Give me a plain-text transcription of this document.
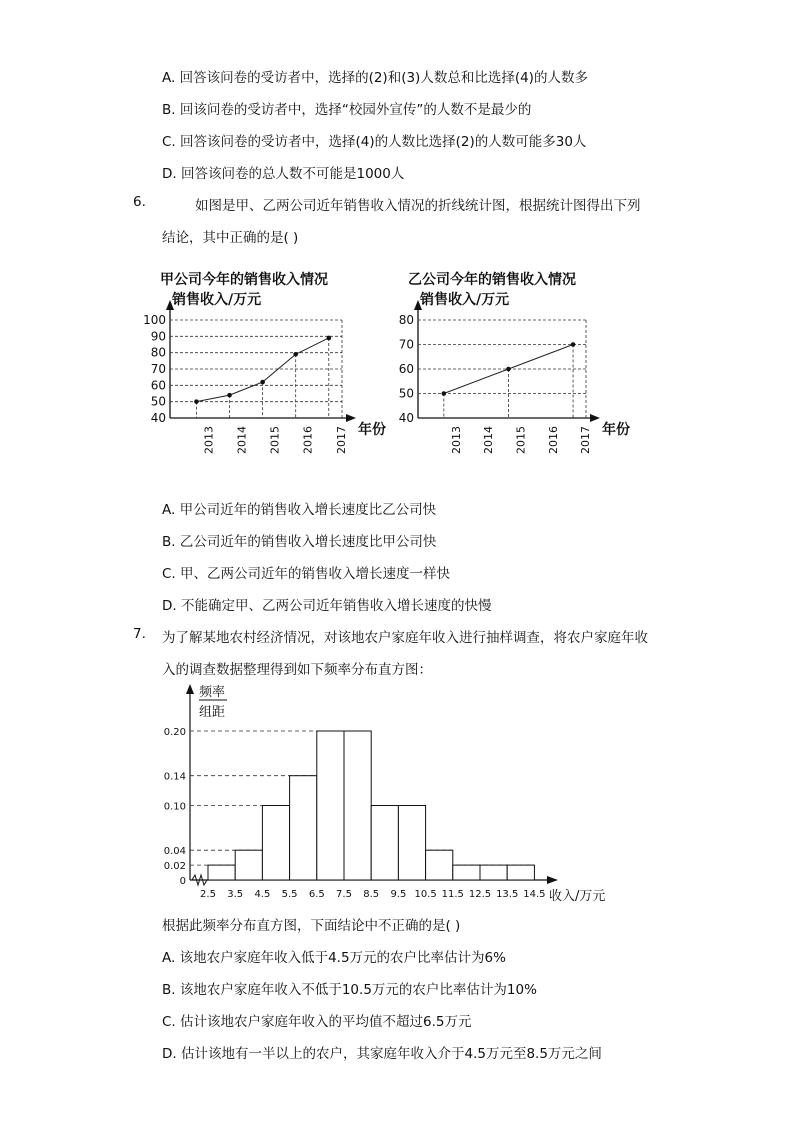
A. 回答该问卷的受访者中，选择的(2)和(3)人数总和比选择(4)的人数多
B. 回该问卷的受访者中，选择“校园外宣传”的人数不是最少的
C. 回答该问卷的受访者中，选择(4)的人数比选择(2)的人数可能多30人
D. 回答该问卷的总人数不可能是1000人
6.	如图是甲、乙两公司近年销售收入情况的折线统计图，根据统计图得出下列
结论，其中正确的是( )
甲公司今年的销售收入情况
销售收入/万元
年份
40
50
60
70
80
90
100
2013 2014 2015 2016 2017
乙公司今年的销售收入情况
销售收入/万元
年份
40
50
60
70
80
2013 2014 2015 2016 2017
A. 甲公司近年的销售收入增长速度比乙公司快
B. 乙公司近年的销售收入增长速度比甲公司快
C. 甲、乙两公司近年的销售收入增长速度一样快
D. 不能确定甲、乙两公司近年销售收入增长速度的快慢
7. 为了解某地农村经济情况，对该地农户家庭年收入进行抽样调查，将农户家庭年收
入的调查数据整理得到如下频率分布直方图：
频率
组距
收入/万元
0
0.02
0.04
0.10
0.14
0.20
2.5 3.5 4.5 5.5 6.5 7.5 8.5 9.5 10.5 11.5 12.5 13.5 14.5
根据此频率分布直方图，下面结论中不正确的是( )
A. 该地农户家庭年收入低于4.5万元的农户比率估计为6%
B. 该地农户家庭年收入不低于10.5万元的农户比率估计为10%
C. 估计该地农户家庭年收入的平均值不超过6.5万元
D. 估计该地有一半以上的农户，其家庭年收入介于4.5万元至8.5万元之间
